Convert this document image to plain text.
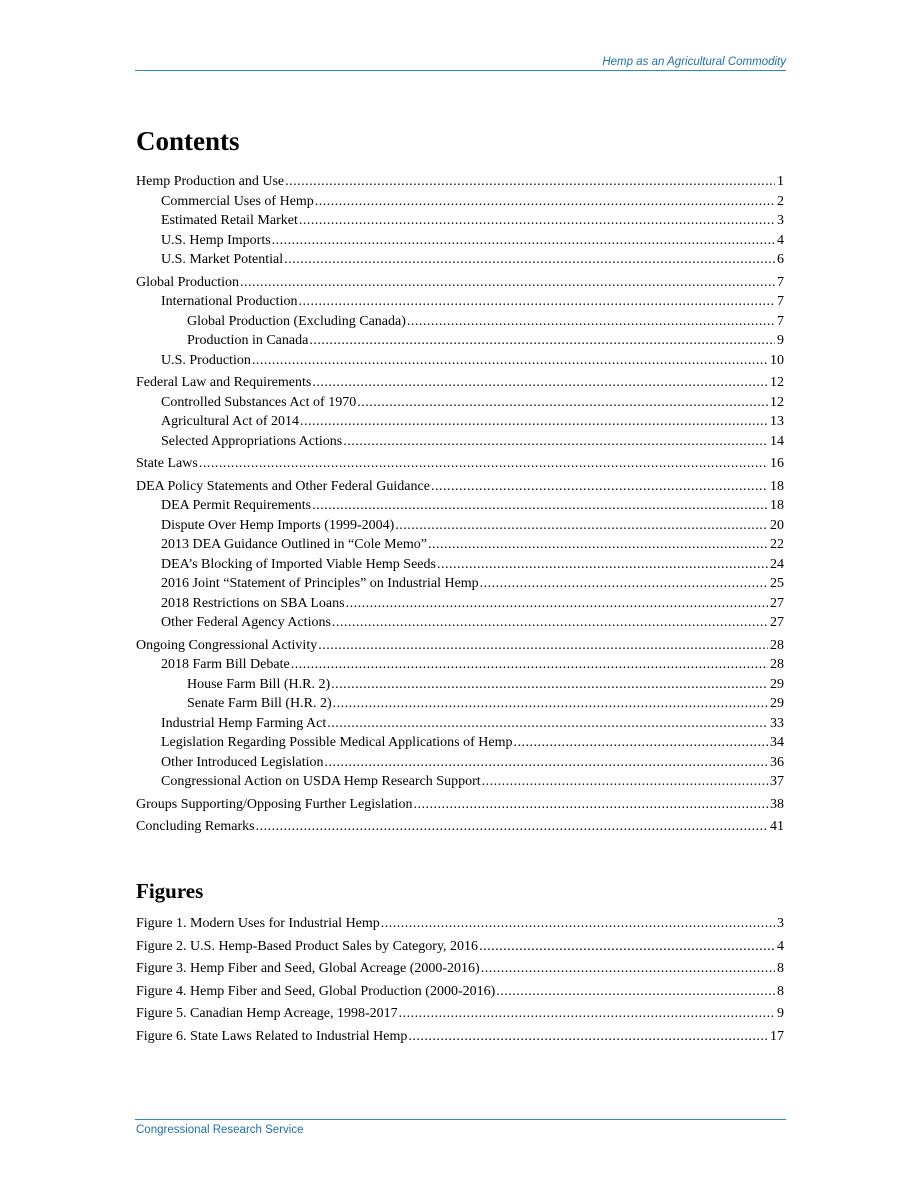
Hemp as an Agricultural Commodity
Contents
Hemp Production and Use .....	1
Commercial Uses of Hemp .....	2
Estimated Retail Market .....	3
U.S. Hemp Imports .....	4
U.S. Market Potential .....	6
Global Production .....	7
International Production .....	7
Global Production (Excluding Canada) .....	7
Production in Canada .....	9
U.S. Production .....	10
Federal Law and Requirements .....	12
Controlled Substances Act of 1970 .....	12
Agricultural Act of 2014 .....	13
Selected Appropriations Actions .....	14
State Laws .....	16
DEA Policy Statements and Other Federal Guidance .....	18
DEA Permit Requirements .....	18
Dispute Over Hemp Imports (1999-2004) .....	20
2013 DEA Guidance Outlined in “Cole Memo” .....	22
DEA’s Blocking of Imported Viable Hemp Seeds .....	24
2016 Joint “Statement of Principles” on Industrial Hemp .....	25
2018 Restrictions on SBA Loans .....	27
Other Federal Agency Actions .....	27
Ongoing Congressional Activity .....	28
2018 Farm Bill Debate .....	28
House Farm Bill (H.R. 2) .....	29
Senate Farm Bill (H.R. 2) .....	29
Industrial Hemp Farming Act .....	33
Legislation Regarding Possible Medical Applications of Hemp .....	34
Other Introduced Legislation .....	36
Congressional Action on USDA Hemp Research Support .....	37
Groups Supporting/Opposing Further Legislation .....	38
Concluding Remarks .....	41
Figures
Figure 1. Modern Uses for Industrial Hemp .....	3
Figure 2. U.S. Hemp-Based Product Sales by Category, 2016 .....	4
Figure 3. Hemp Fiber and Seed, Global Acreage (2000-2016) .....	8
Figure 4. Hemp Fiber and Seed, Global Production (2000-2016) .....	8
Figure 5. Canadian Hemp Acreage, 1998-2017 .....	9
Figure 6. State Laws Related to Industrial Hemp .....	17
Congressional Research Service
